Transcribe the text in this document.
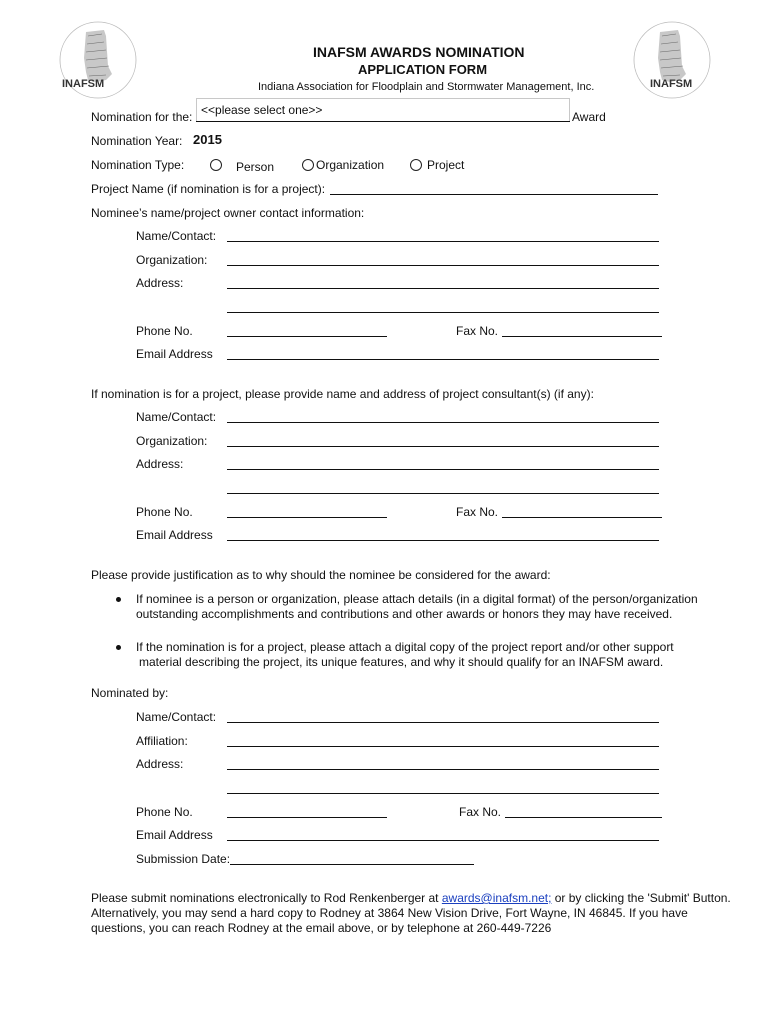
INAFSM	INAFSM
INAFSM AWARDS NOMINATION
APPLICATION FORM
Indiana Association for Floodplain and Stormwater Management, Inc.
Nomination for the: <<please select one>>	Award
Nomination Year: 2015
Nomination Type:	Person	Organization	Project
Project Name (if nomination is for a project):
Nominee’s name/project owner contact information:
Name/Contact:
Organization:
Address:
Phone No.	Fax No.
Email Address
If nomination is for a project, please provide name and address of project consultant(s) (if any):
Name/Contact:
Organization:
Address:
Phone No.	Fax No.
Email Address
Please provide justification as to why should the nominee be considered for the award:
If nominee is a person or organization, please attach details (in a digital format) of the person/organization
outstanding accomplishments and contributions and other awards or honors they may have received.
If the nomination is for a project, please attach a digital copy of the project report and/or other support
material describing the project, its unique features, and why it should qualify for an INAFSM award.
Nominated by:
Name/Contact:
Affiliation:
Address:
Phone No.	Fax No.
Email Address
Submission Date:
Please submit nominations electronically to Rod Renkenberger at awards@inafsm.net; or by clicking the 'Submit' Button.
Alternatively, you may send a hard copy to Rodney at 3864 New Vision Drive, Fort Wayne, IN 46845. If you have
questions, you can reach Rodney at the email above, or by telephone at 260-449-7226
